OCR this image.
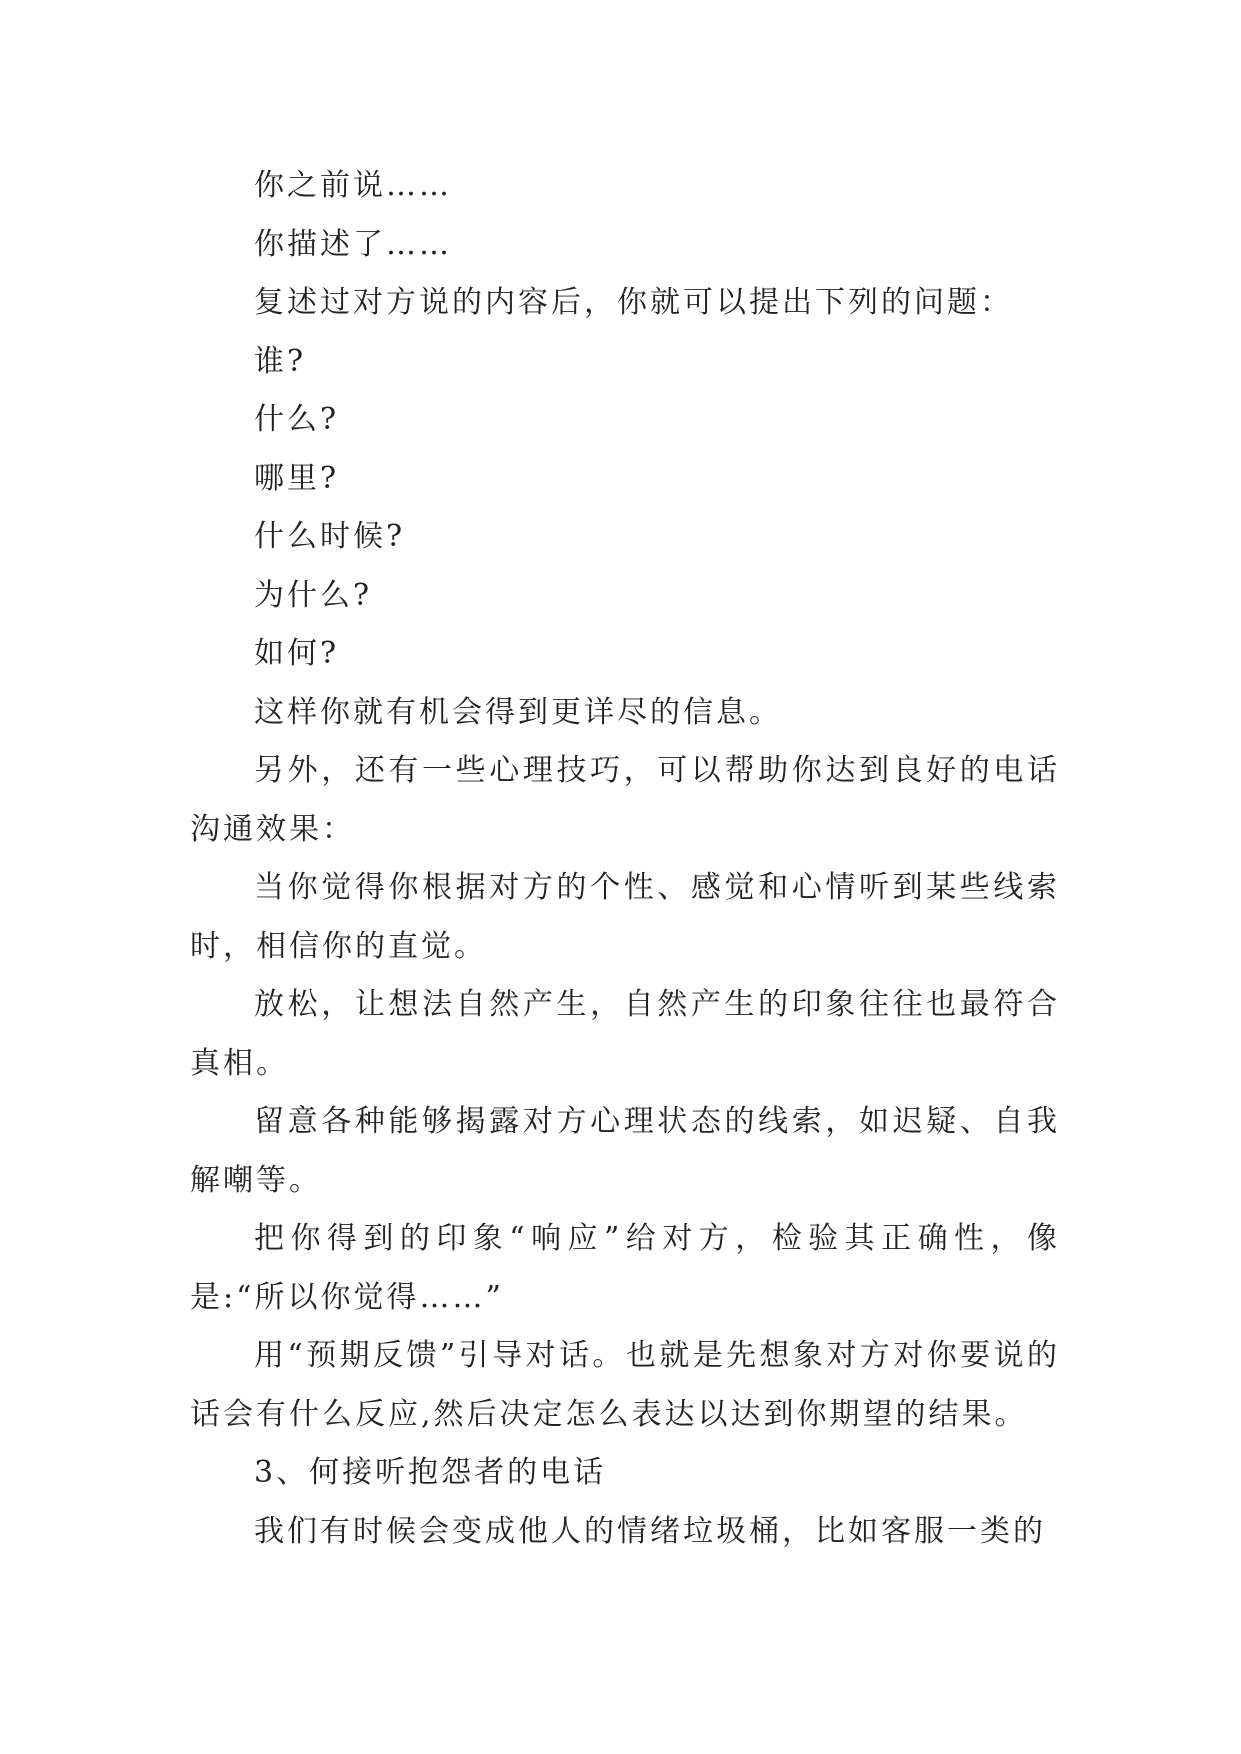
你之前说……

你描述了……

复述过对方说的内容后，你就可以提出下列的问题：

谁?

什么?

哪里?

什么时候?

为什么?

如何?

这样你就有机会得到更详尽的信息。

另外，还有一些心理技巧，可以帮助你达到良好的电话沟通效果：

当你觉得你根据对方的个性、感觉和心情听到某些线索时，相信你的直觉。

放松，让想法自然产生，自然产生的印象往往也最符合真相。

留意各种能够揭露对方心理状态的线索，如迟疑、自我解嘲等。

把你得到的印象“响应”给对方，检验其正确性，像是:“所以你觉得……”

用“预期反馈”引导对话。也就是先想象对方对你要说的话会有什么反应,然后决定怎么表达以达到你期望的结果。

3、何接听抱怨者的电话

我们有时候会变成他人的情绪垃圾桶，比如客服一类的
